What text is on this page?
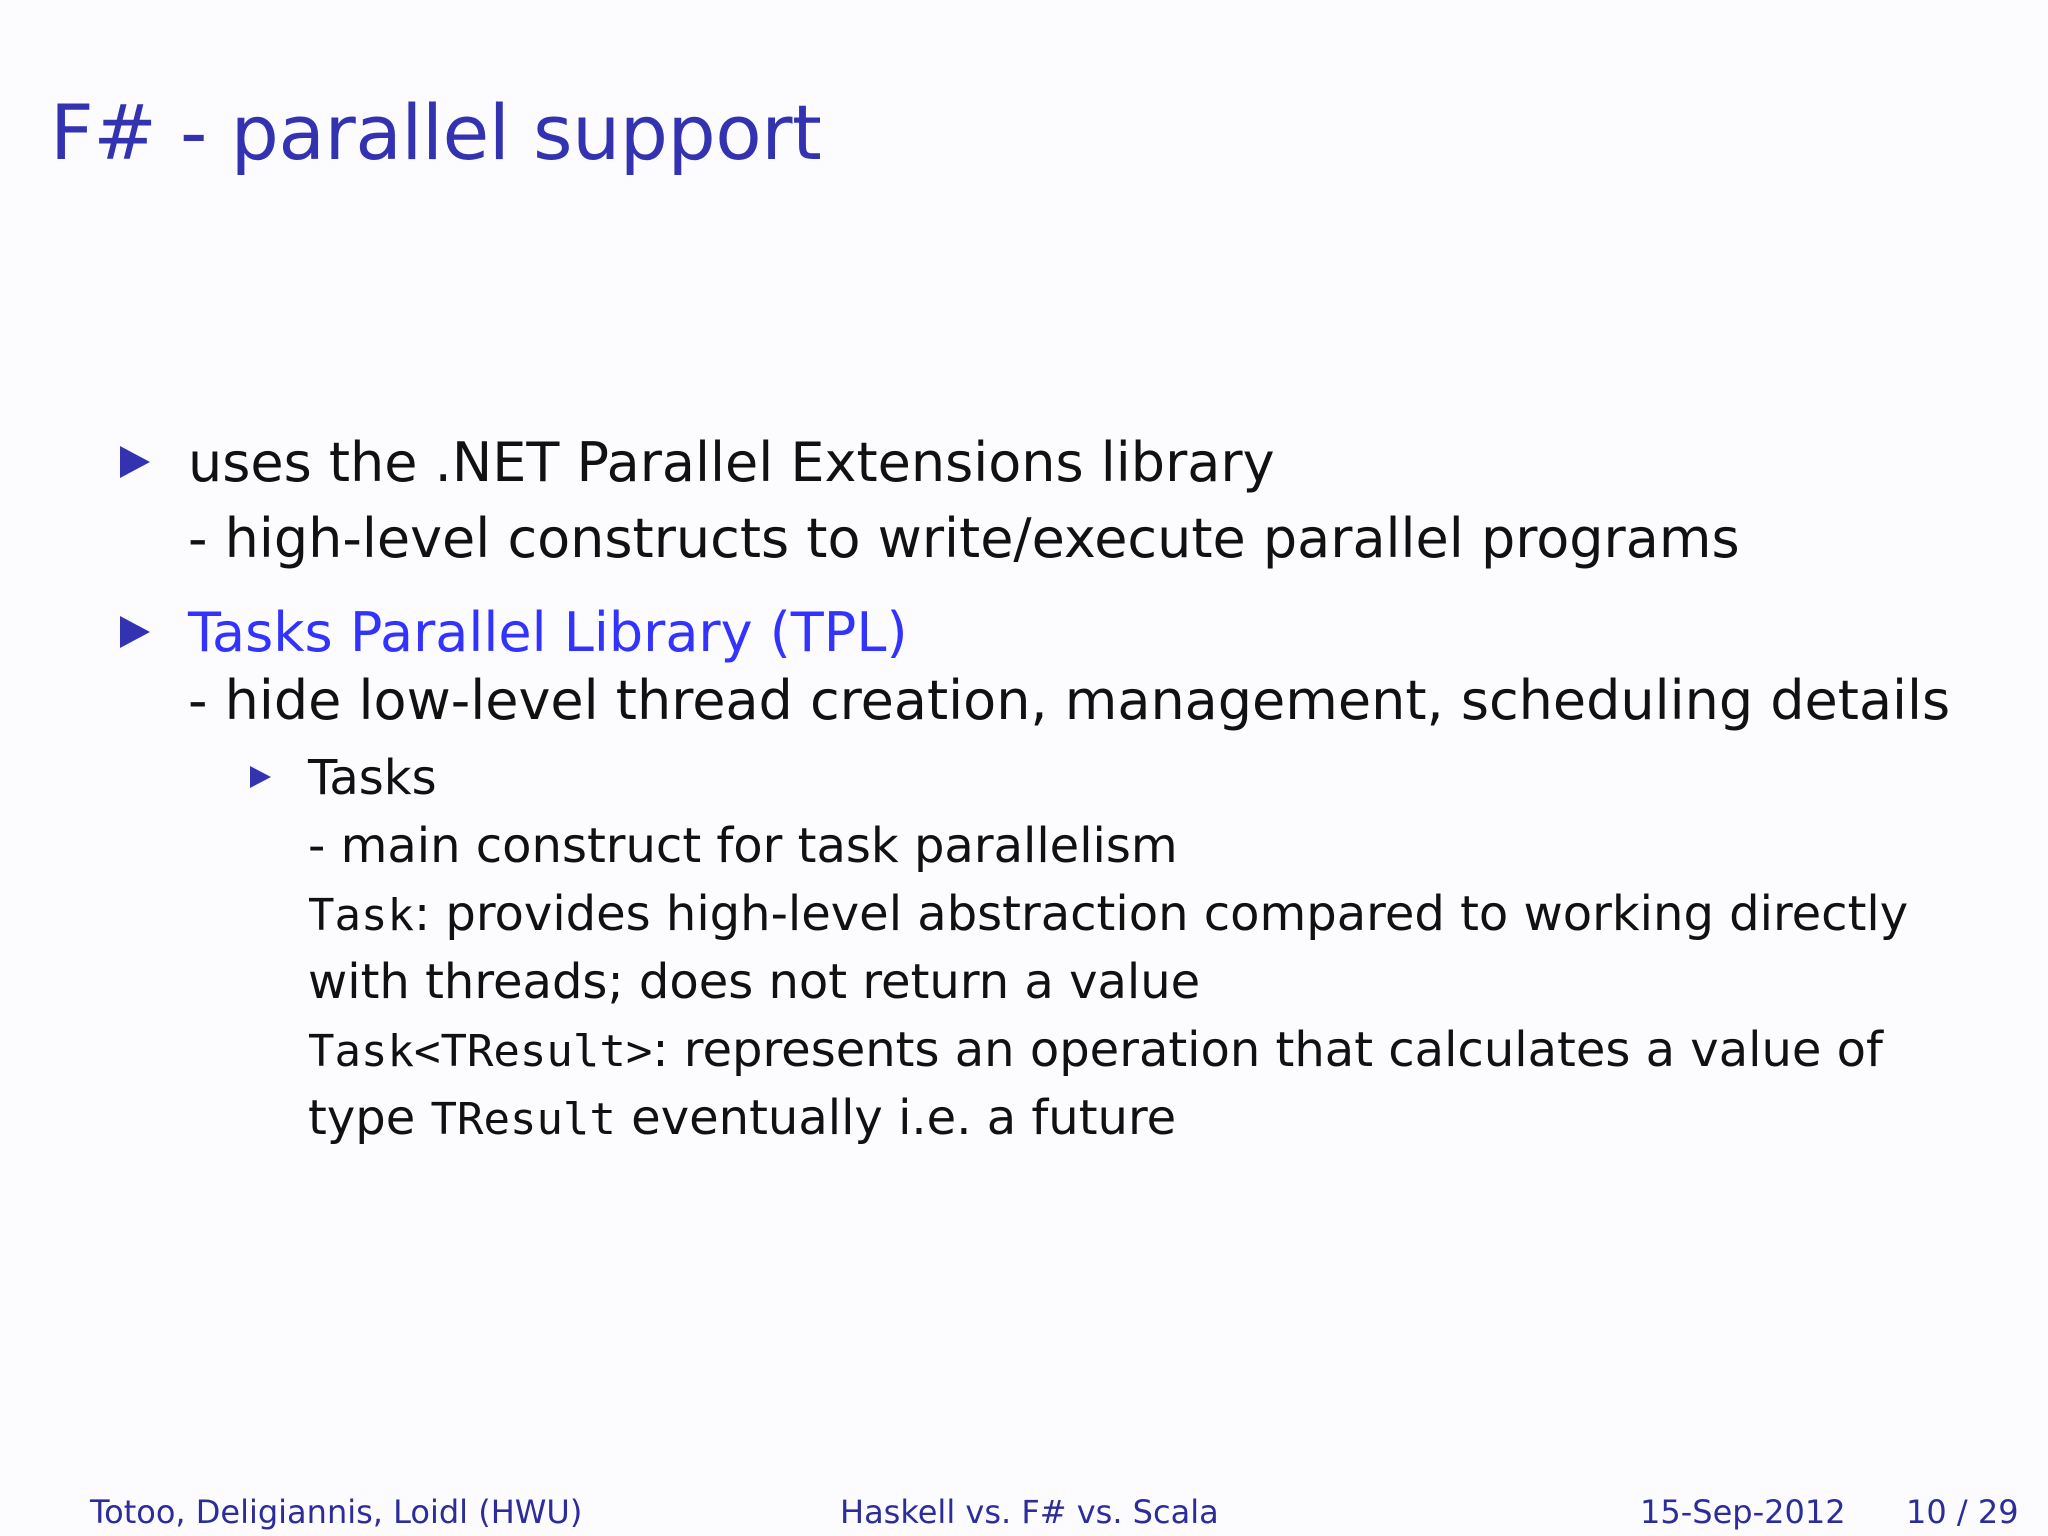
F# - parallel support
uses the .NET Parallel Extensions library
- high-level constructs to write/execute parallel programs
Tasks Parallel Library (TPL)
- hide low-level thread creation, management, scheduling details
Tasks
- main construct for task parallelism
Task: provides high-level abstraction compared to working directly
with threads; does not return a value
Task<TResult>: represents an operation that calculates a value of
type TResult eventually i.e. a future
Totoo, Deligiannis, Loidl (HWU)	Haskell vs. F# vs. Scala	15-Sep-2012 10 / 29
